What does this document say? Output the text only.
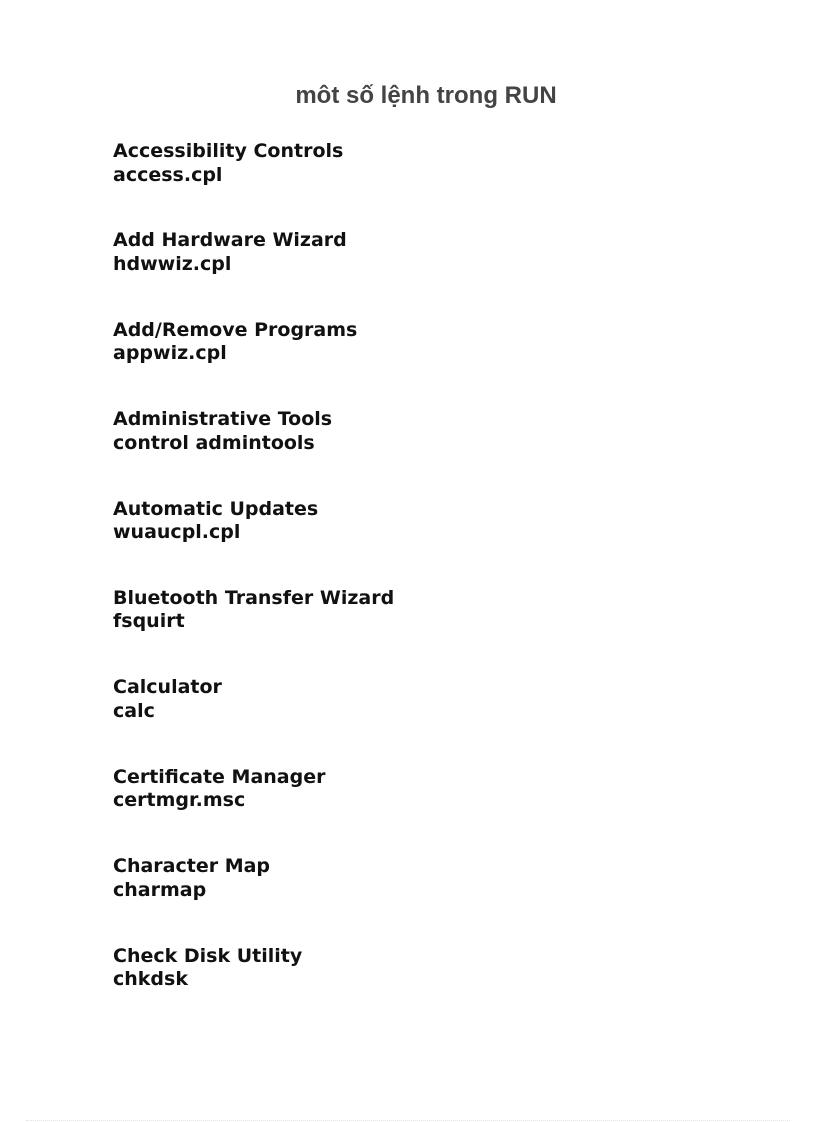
môt số lệnh trong RUN
Accessibility Controls
access.cpl
Add Hardware Wizard
hdwwiz.cpl
Add/Remove Programs
appwiz.cpl
Administrative Tools
control admintools
Automatic Updates
wuaucpl.cpl
Bluetooth Transfer Wizard
fsquirt
Calculator
calc
Certificate Manager
certmgr.msc
Character Map
charmap
Check Disk Utility
chkdsk
